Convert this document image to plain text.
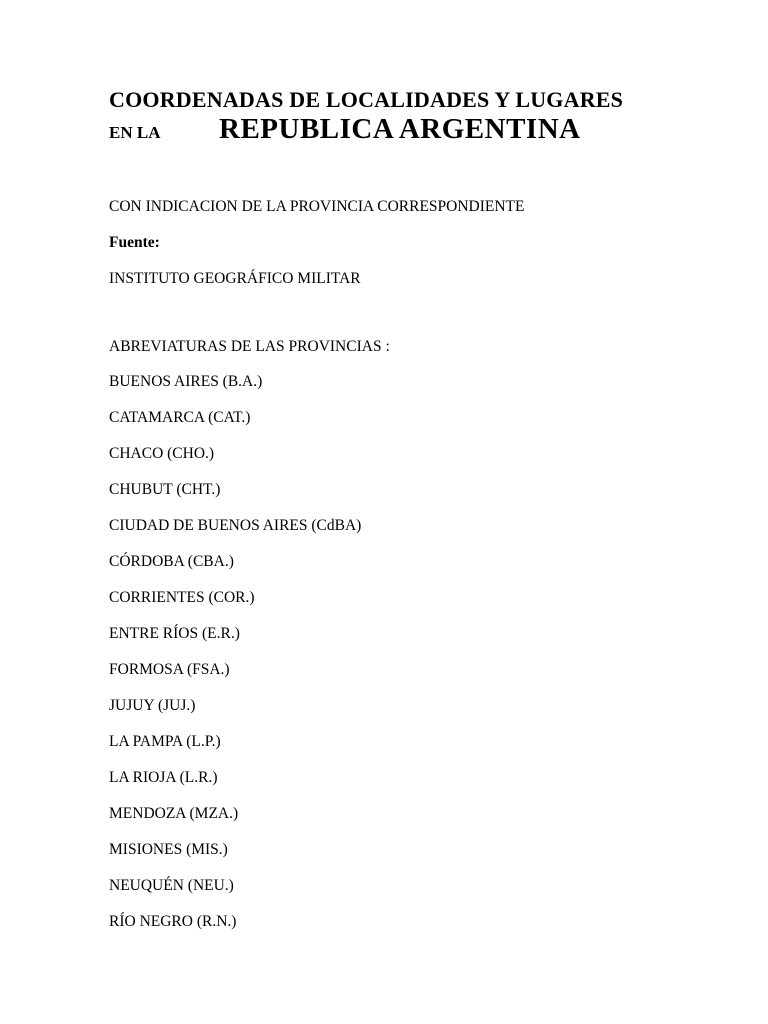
COORDENADAS DE LOCALIDADES Y LUGARES
EN LA REPUBLICA ARGENTINA
CON INDICACION DE LA PROVINCIA CORRESPONDIENTE
Fuente:
INSTITUTO GEOGRÁFICO MILITAR
ABREVIATURAS DE LAS PROVINCIAS :
BUENOS AIRES (B.A.)
CATAMARCA (CAT.)
CHACO (CHO.)
CHUBUT (CHT.)
CIUDAD DE BUENOS AIRES (CdBA)
CÓRDOBA (CBA.)
CORRIENTES (COR.)
ENTRE RÍOS (E.R.)
FORMOSA (FSA.)
JUJUY (JUJ.)
LA PAMPA (L.P.)
LA RIOJA (L.R.)
MENDOZA (MZA.)
MISIONES (MIS.)
NEUQUÉN (NEU.)
RÍO NEGRO (R.N.)
